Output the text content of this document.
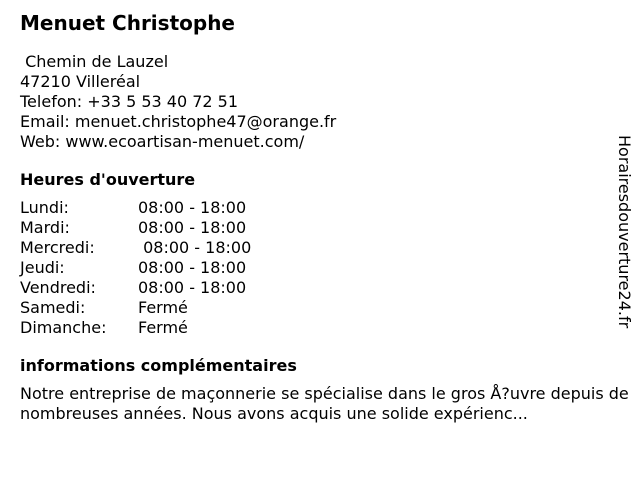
Menuet Christophe
Chemin de Lauzel
47210 Villeréal
Telefon: +33 5 53 40 72 51
Email: menuet.christophe47@orange.fr
Web: www.ecoartisan-menuet.com/
Heures d'ouverture
Lundi:	08:00 - 18:00
Mardi:	08:00 - 18:00
Mercredi:	08:00 - 18:00
Jeudi:	08:00 - 18:00
Vendredi:	08:00 - 18:00
Samedi:	Fermé
Dimanche:	Fermé
informations complémentaires
Notre entreprise de maçonnerie se spécialise dans le gros Å?uvre depuis de nombreuses années. Nous avons acquis une solide expérienc...
Horairesdouverture24.fr
